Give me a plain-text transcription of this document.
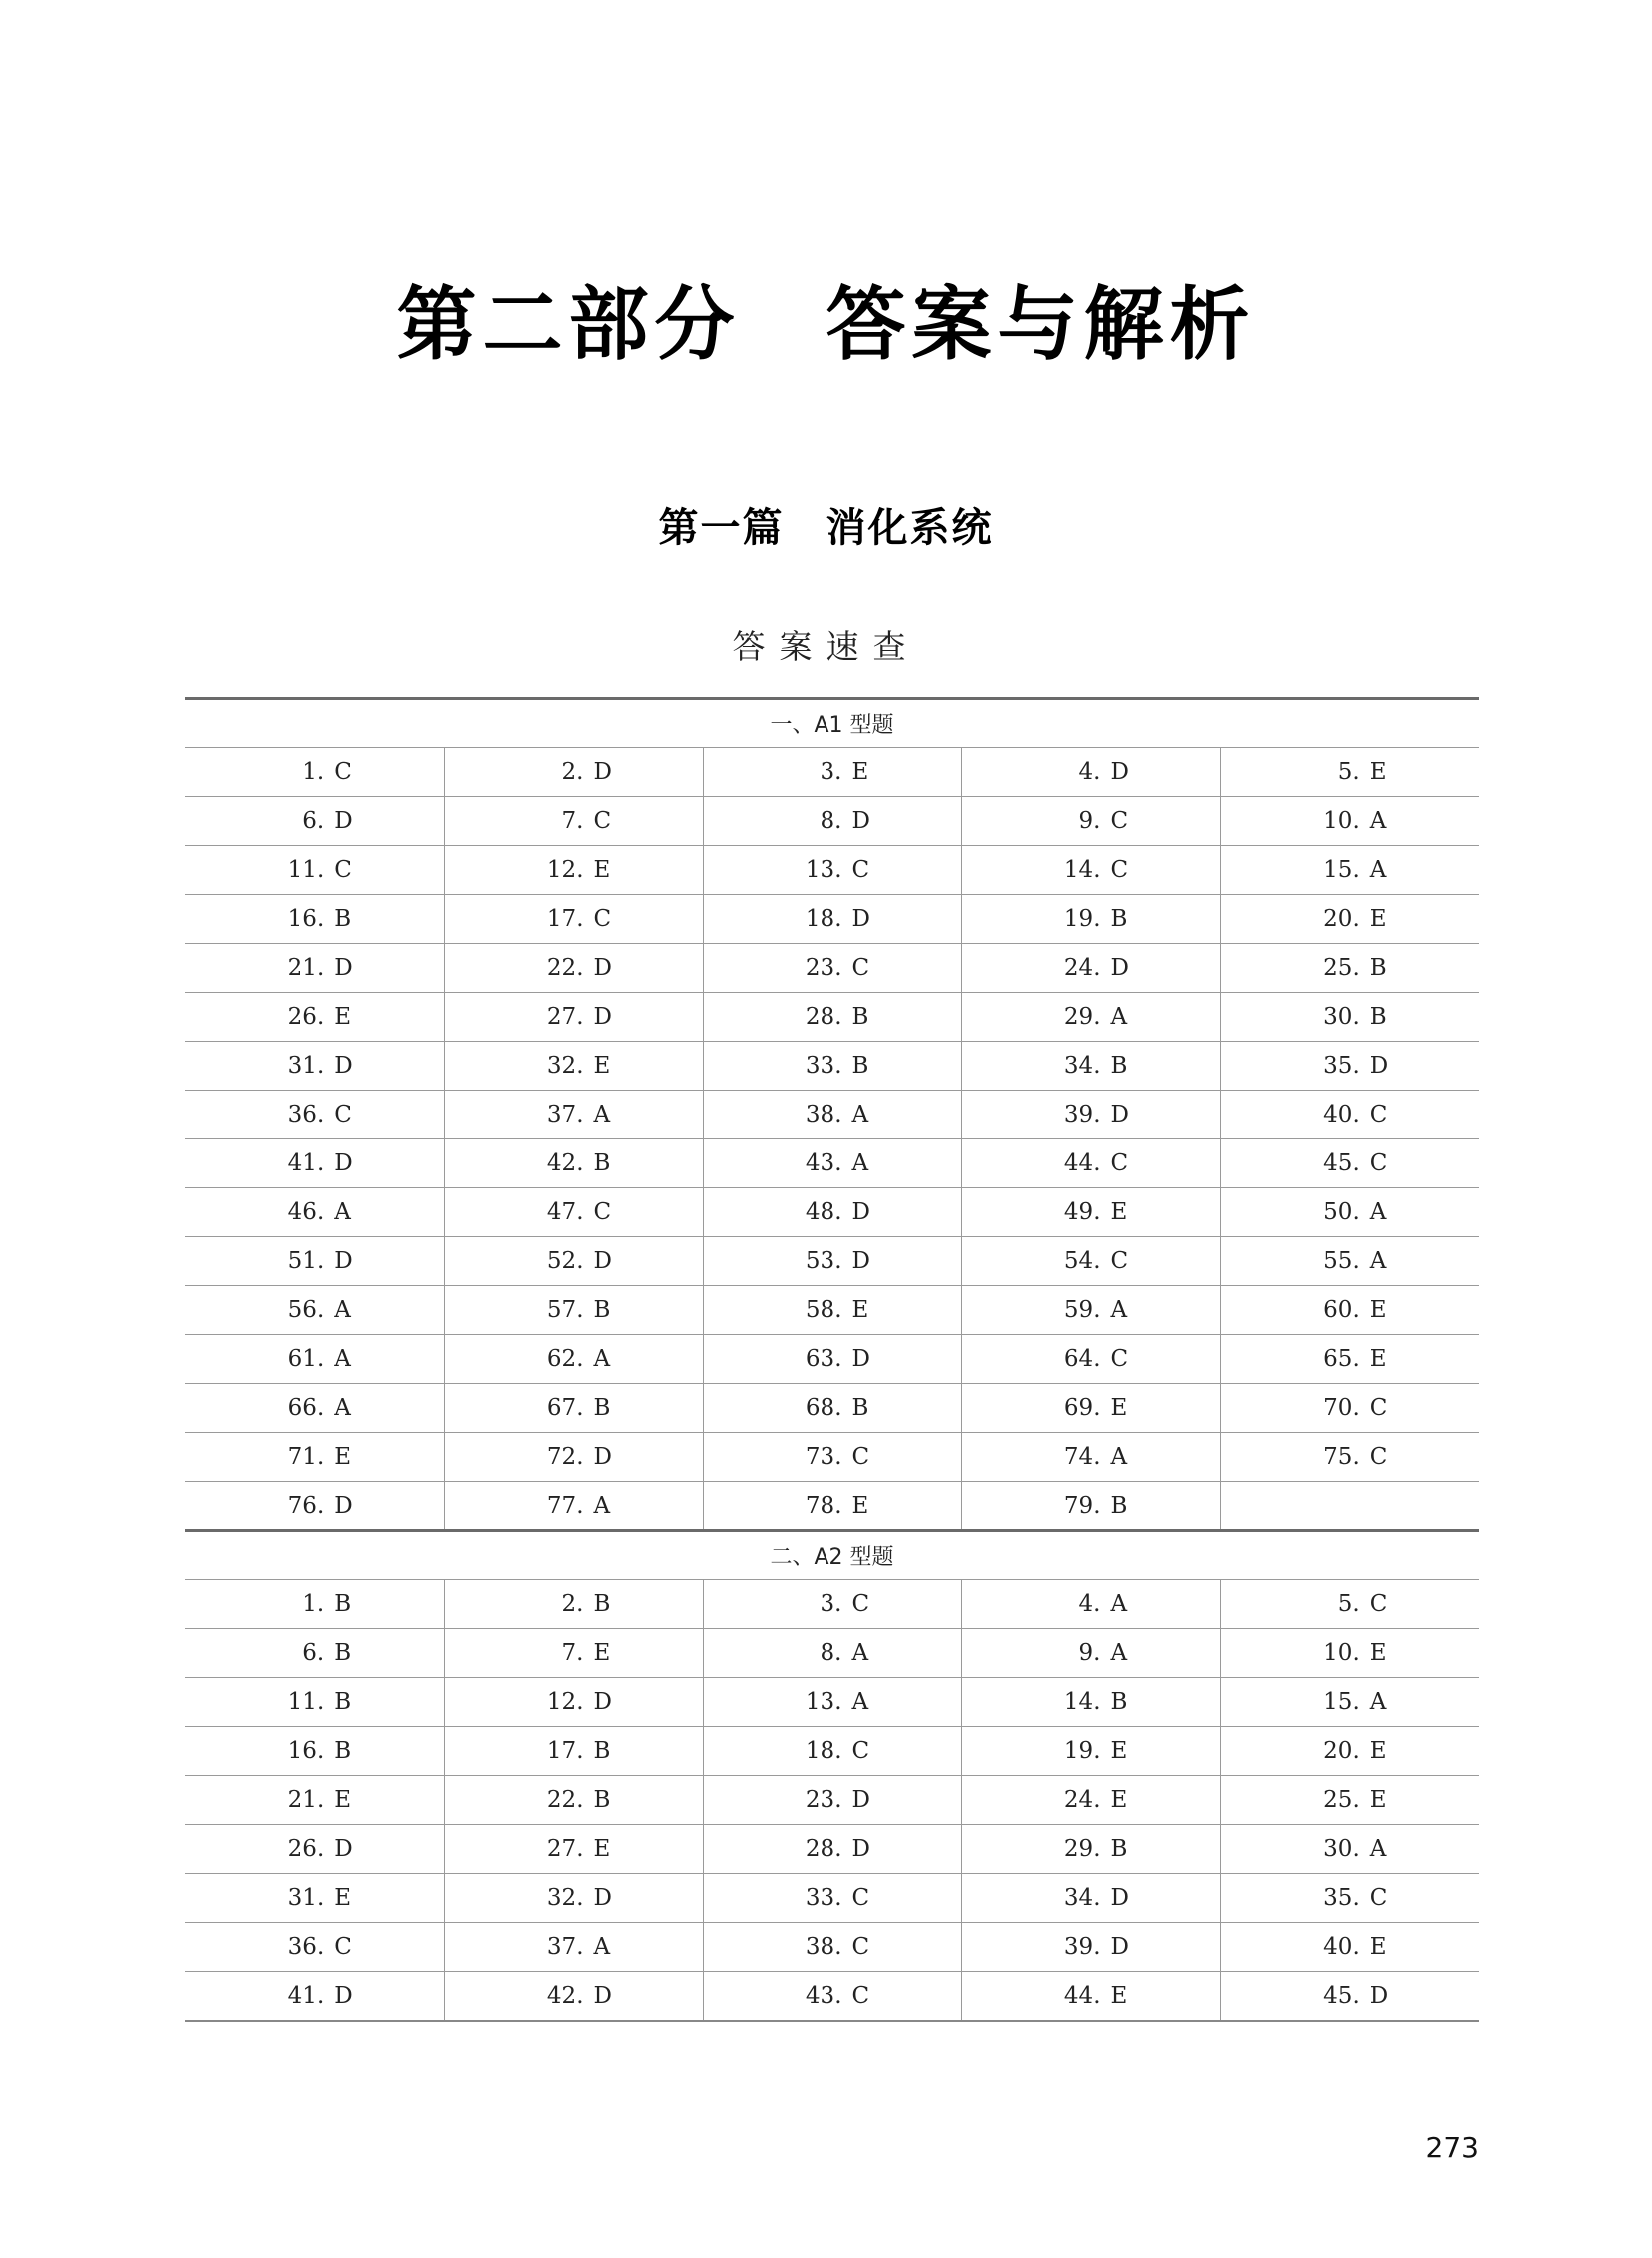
第二部分　答案与解析
第一篇　消化系统
答案速查
一、A1 型题				

1. C	2. D	3. E	4. D	5. E

6. D	7. C	8. D	9. C	10. A

11. C	12. E	13. C	14. C	15. A

16. B	17. C	18. D	19. B	20. E

21. D	22. D	23. C	24. D	25. B

26. E	27. D	28. B	29. A	30. B

31. D	32. E	33. B	34. B	35. D

36. C	37. A	38. A	39. D	40. C

41. D	42. B	43. A	44. C	45. C

46. A	47. C	48. D	49. E	50. A

51. D	52. D	53. D	54. C	55. A

56. A	57. B	58. E	59. A	60. E

61. A	62. A	63. D	64. C	65. E

66. A	67. B	68. B	69. E	70. C

71. E	72. D	73. C	74. A	75. C

76. D	77. A	78. E	79. B	

二、A2 型题				

1. B	2. B	3. C	4. A	5. C

6. B	7. E	8. A	9. A	10. E

11. B	12. D	13. A	14. B	15. A

16. B	17. B	18. C	19. E	20. E

21. E	22. B	23. D	24. E	25. E

26. D	27. E	28. D	29. B	30. A

31. E	32. D	33. C	34. D	35. C

36. C	37. A	38. C	39. D	40. E

41. D	42. D	43. C	44. E	45. D
273
